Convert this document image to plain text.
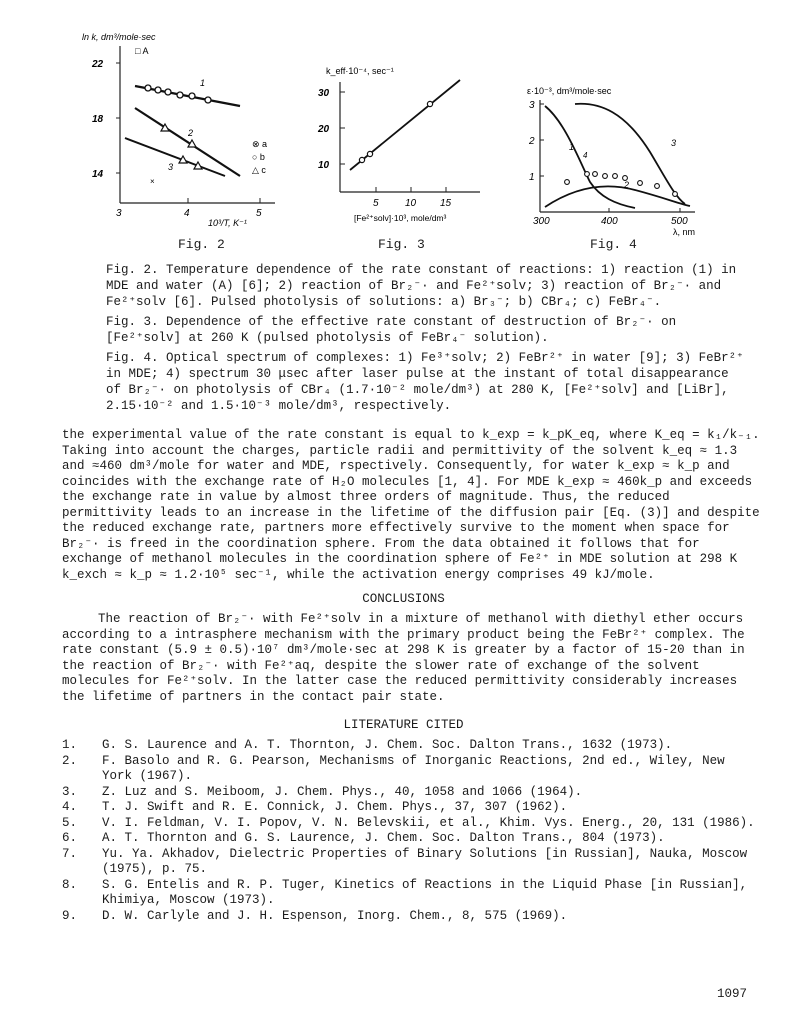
ln k, dm³/mole·sec
□ A
22
18
14
3	4	5
10³/T, K⁻¹
1
2
3
×
⊗ a
○ b
△ c
Fig. 2
k_eff·10⁻⁴, sec⁻¹
30
20
10
5	10 15
[Fe²⁺solv]·10³, mole/dm³
Fig. 3
ε·10⁻³, dm³/mole·sec
3
2
1
300	400	500
λ, nm
1
2
3
4
Fig. 4

Fig. 2. Temperature dependence of the rate constant of reactions: 1) reaction (1) in MDE and water (A) [6]; 2) reaction of Br₂⁻· and Fe²⁺solv; 3) reaction of Br₂⁻· and Fe²⁺solv [6]. Pulsed photolysis of solutions: a) Br₃⁻; b) CBr₄; c) FeBr₄⁻.

Fig. 3. Dependence of the effective rate constant of destruction of Br₂⁻· on [Fe²⁺solv] at 260 K (pulsed photolysis of FeBr₄⁻ solution).

Fig. 4. Optical spectrum of complexes: 1) Fe³⁺solv; 2) FeBr²⁺ in water [9]; 3) FeBr²⁺ in MDE; 4) spectrum 30 μsec after laser pulse at the instant of total disappearance of Br₂⁻· on photolysis of CBr₄ (1.7·10⁻² mole/dm³) at 280 K, [Fe²⁺solv] and [LiBr], 2.15·10⁻² and 1.5·10⁻³ mole/dm³, respectively.

the experimental value of the rate constant is equal to k_exp = k_pK_eq, where K_eq = k₁/k₋₁. Taking into account the charges, particle radii and permittivity of the solvent k_eq ≈ 1.3 and ≈460 dm³/mole for water and MDE, rspectively. Consequently, for water k_exp ≈ k_p and coincides with the exchange rate of H₂O molecules [1, 4]. For MDE k_exp ≈ 460k_p and exceeds the exchange rate in value by almost three orders of magnitude. Thus, the reduced permittivity leads to an increase in the lifetime of the diffusion pair [Eq. (3)] and despite the reduced exchange rate, partners more effectively survive to the moment when space for Br₂⁻· is freed in the coordination sphere. From the data obtained it follows that for exchange of methanol molecules in the coordination sphere of Fe²⁺ in MDE solution at 298 K k_exch ≈ k_p ≈ 1.2·10⁵ sec⁻¹, while the activation energy comprises 49 kJ/mole.

CONCLUSIONS

The reaction of Br₂⁻· with Fe²⁺solv in a mixture of methanol with diethyl ether occurs according to a intrasphere mechanism with the primary product being the FeBr²⁺ complex. The rate constant (5.9 ± 0.5)·10⁷ dm³/mole·sec at 298 K is greater by a factor of 15-20 than in the reaction of Br₂⁻· with Fe²⁺aq, despite the slower rate of exchange of the solvent molecules for Fe²⁺solv. In the latter case the reduced permittivity considerably increases the lifetime of partners in the contact pair state.

LITERATURE CITED
1.	G. S. Laurence and A. T. Thornton, J. Chem. Soc. Dalton Trans., 1632 (1973).
2.	F. Basolo and R. G. Pearson, Mechanisms of Inorganic Reactions, 2nd ed., Wiley, New York (1967).
3.	Z. Luz and S. Meiboom, J. Chem. Phys., 40, 1058 and 1066 (1964).
4.	T. J. Swift and R. E. Connick, J. Chem. Phys., 37, 307 (1962).
5.	V. I. Feldman, V. I. Popov, V. N. Belevskii, et al., Khim. Vys. Energ., 20, 131 (1986).
6.	A. T. Thornton and G. S. Laurence, J. Chem. Soc. Dalton Trans., 804 (1973).
7.	Yu. Ya. Akhadov, Dielectric Properties of Binary Solutions [in Russian], Nauka, Moscow (1975), p. 75.
8.	S. G. Entelis and R. P. Tuger, Kinetics of Reactions in the Liquid Phase [in Russian], Khimiya, Moscow (1973).
9.	D. W. Carlyle and J. H. Espenson, Inorg. Chem., 8, 575 (1969).
1097
